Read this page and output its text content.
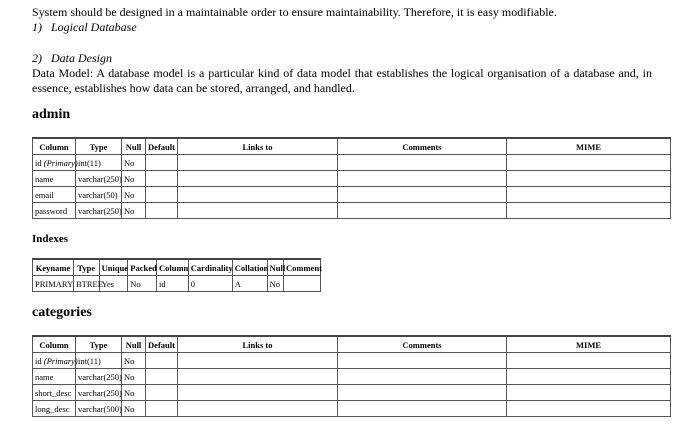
System should be designed in a maintainable order to ensure maintainability. Therefore, it is easy modifiable.
1) Logical Database
2) Data Design
Data Model: A database model is a particular kind of data model that establishes the logical organisation of a database and, in
essence, establishes how data can be stored, arranged, and handled.
admin
Column	Type	Null	Default	Links to	Comments	MIME
id (Primary)	int(11)	No				
name	varchar(250)	No				
email	varchar(50)	No				
password	varchar(250)	No				
Indexes
Keyname	Type	Unique	Packed	Column	Cardinality	Collation	Null	Comment
PRIMARY	BTREE	Yes	No	id	0	A	No	
categories
Column	Type	Null	Default	Links to	Comments	MIME
id (Primary)	int(11)	No				
name	varchar(250)	No				
short_desc	varchar(250)	No				
long_desc	varchar(500)	No				
